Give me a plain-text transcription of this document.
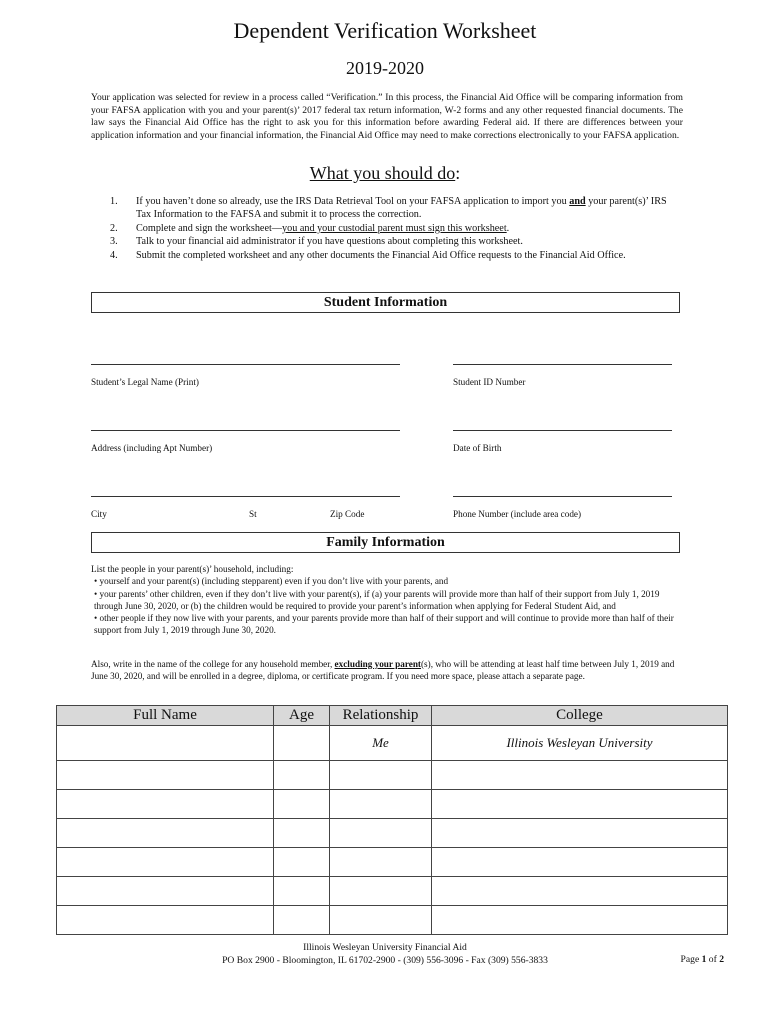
Dependent Verification Worksheet
2019-2020
Your application was selected for review in a process called “Verification.” In this process, the Financial Aid Office will be comparing information from your FAFSA application with you and your parent(s)’ 2017 federal tax return information, W-2 forms and any other requested financial documents. The law says the Financial Aid Office has the right to ask you for this information before awarding Federal aid. If there are differences between your application information and your financial information, the Financial Aid Office may need to make corrections electronically to your FAFSA application.
What you should do:
1.	If you haven’t done so already, use the IRS Data Retrieval Tool on your FAFSA application to import you and your parent(s)’ IRS Tax Information to the FAFSA and submit it to process the correction.
2.	Complete and sign the worksheet—you and your custodial parent must sign this worksheet.
3.	Talk to your financial aid administrator if you have questions about completing this worksheet.
4.	Submit the completed worksheet and any other documents the Financial Aid Office requests to the Financial Aid Office.
Student Information
Student’s Legal Name (Print)	Student ID Number
Address (including Apt Number)	Date of Birth
City	St	Zip Code	Phone Number (include area code)
Family Information

List the people in your parent(s)’ household, including:

• yourself and your parent(s) (including stepparent) even if you don’t live with your parents, and

• your parents’ other children, even if they don’t live with your parent(s), if (a) your parents will provide more than half of their support from July 1, 2019 through June 30, 2020, or (b) the children would be required to provide your parent’s information when applying for Federal Student Aid, and

• other people if they now live with your parents, and your parents provide more than half of their support and will continue to provide more than half of their support from July 1, 2019 through June 30, 2020.

Also, write in the name of the college for any household member, excluding your parent(s), who will be attending at least half time between July 1, 2019 and June 30, 2020, and will be enrolled in a degree, diploma, or certificate program. If you need more space, please attach a separate page.
Full Name	Age	Relationship	College
		Me	Illinois Wesleyan University

Illinois Wesleyan University Financial Aid
PO Box 2900 - Bloomington, IL 61702-2900 - (309) 556-3096 - Fax (309) 556-3833	Page 1 of 2
